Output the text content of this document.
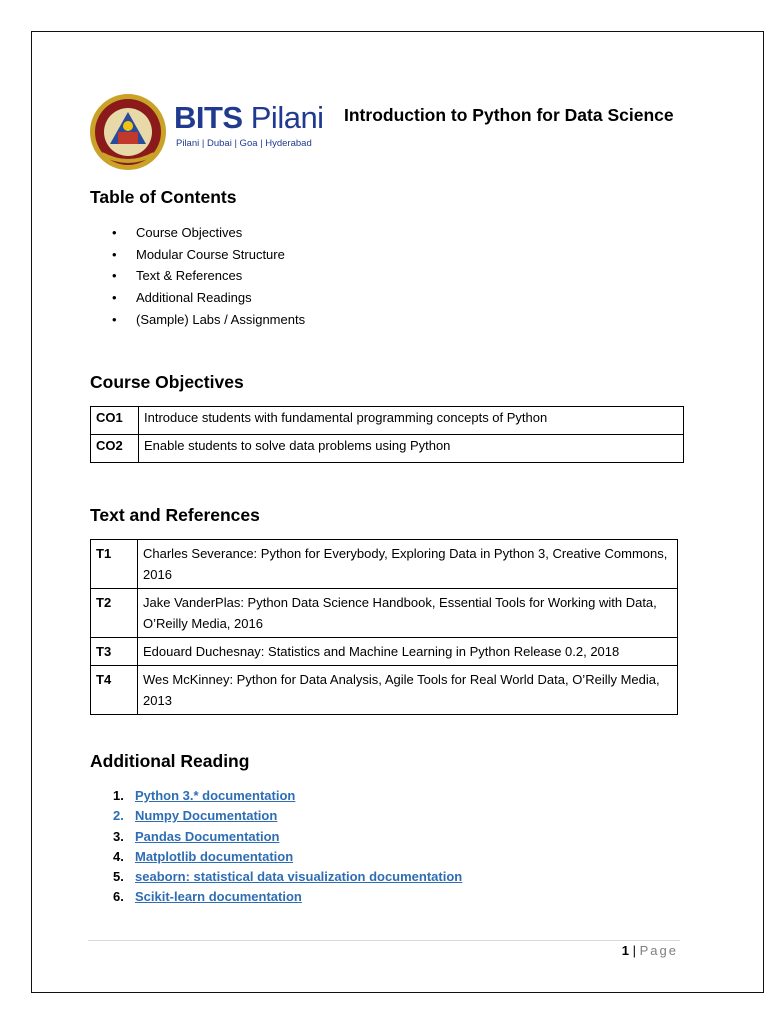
BITS Pilani
Pilani | Dubai | Goa | Hyderabad
Introduction to Python for Data Science
Table of Contents
• Course Objectives
• Modular Course Structure
• Text & References
• Additional Readings
• (Sample) Labs / Assignments
Course Objectives
CO1	Introduce students with fundamental programming concepts of Python
CO2	Enable students to solve data problems using Python
Text and References
T1	Charles Severance: Python for Everybody, Exploring Data in Python 3, Creative Commons, 2016
T2	Jake VanderPlas: Python Data Science Handbook, Essential Tools for Working with Data, O’Reilly Media, 2016
T3	Edouard Duchesnay: Statistics and Machine Learning in Python Release 0.2, 2018
T4	Wes McKinney: Python for Data Analysis, Agile Tools for Real World Data, O’Reilly Media, 2013
Additional Reading
1. Python 3.* documentation
2. Numpy Documentation
3. Pandas Documentation
4. Matplotlib documentation
5. seaborn: statistical data visualization documentation
6. Scikit-learn documentation
1 | Page
